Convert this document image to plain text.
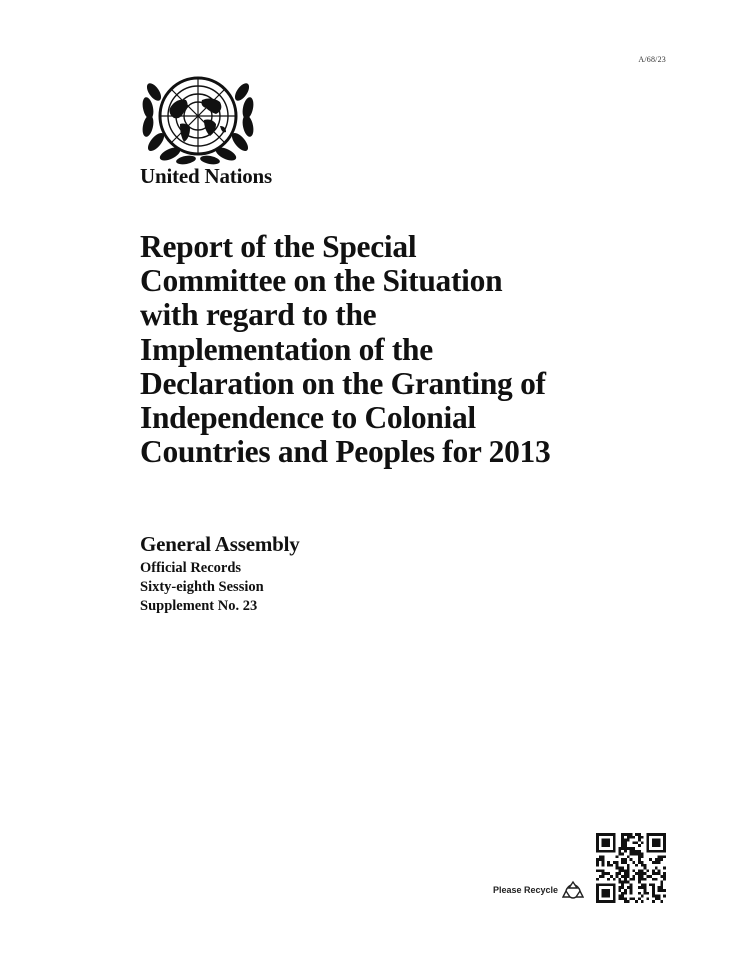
A/68/23
United Nations
Report of the Special
Committee on the Situation
with regard to the
Implementation of the
Declaration on the Granting of
Independence to Colonial
Countries and Peoples for 2013
General Assembly
Official Records
Sixty-eighth Session
Supplement No. 23
Please Recycle
